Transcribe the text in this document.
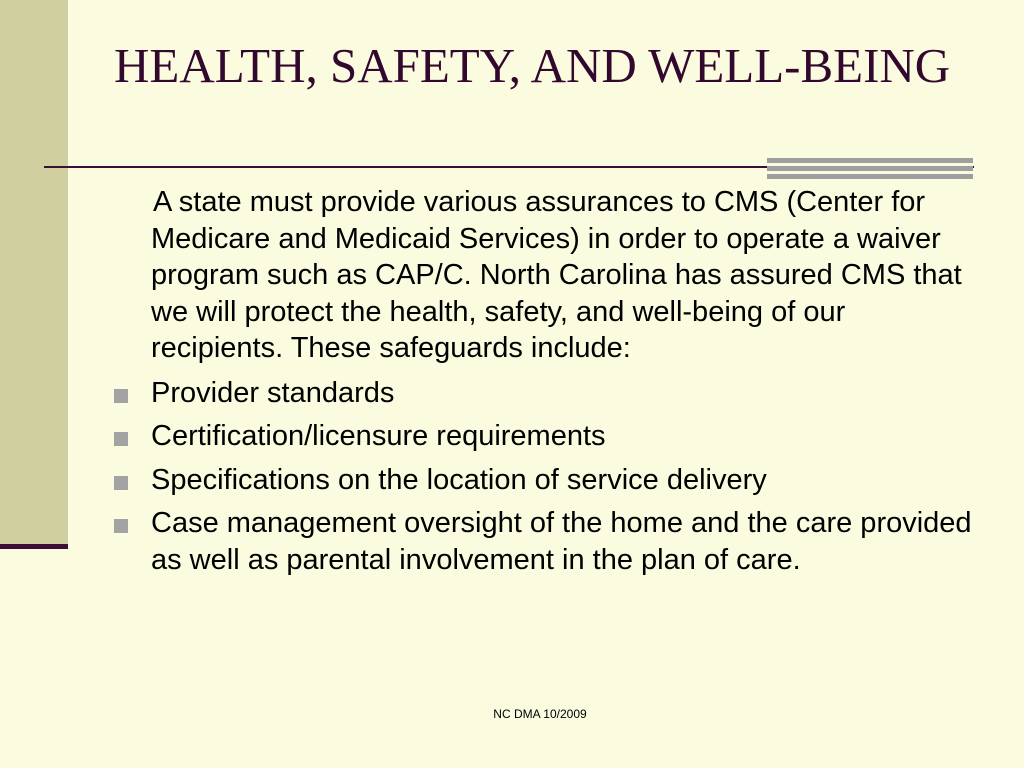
HEALTH, SAFETY, AND WELL-BEING

A state must provide various assurances to CMS (Center for Medicare and Medicaid Services) in order to operate a waiver program such as CAP/C. North Carolina has assured CMS that we will protect the health, safety, and well-being of our recipients. These safeguards include:

Provider standards
Certification/licensure requirements
Specifications on the location of service delivery
Case management oversight of the home and the care provided as well as parental involvement in the plan of care.
NC DMA 10/2009
